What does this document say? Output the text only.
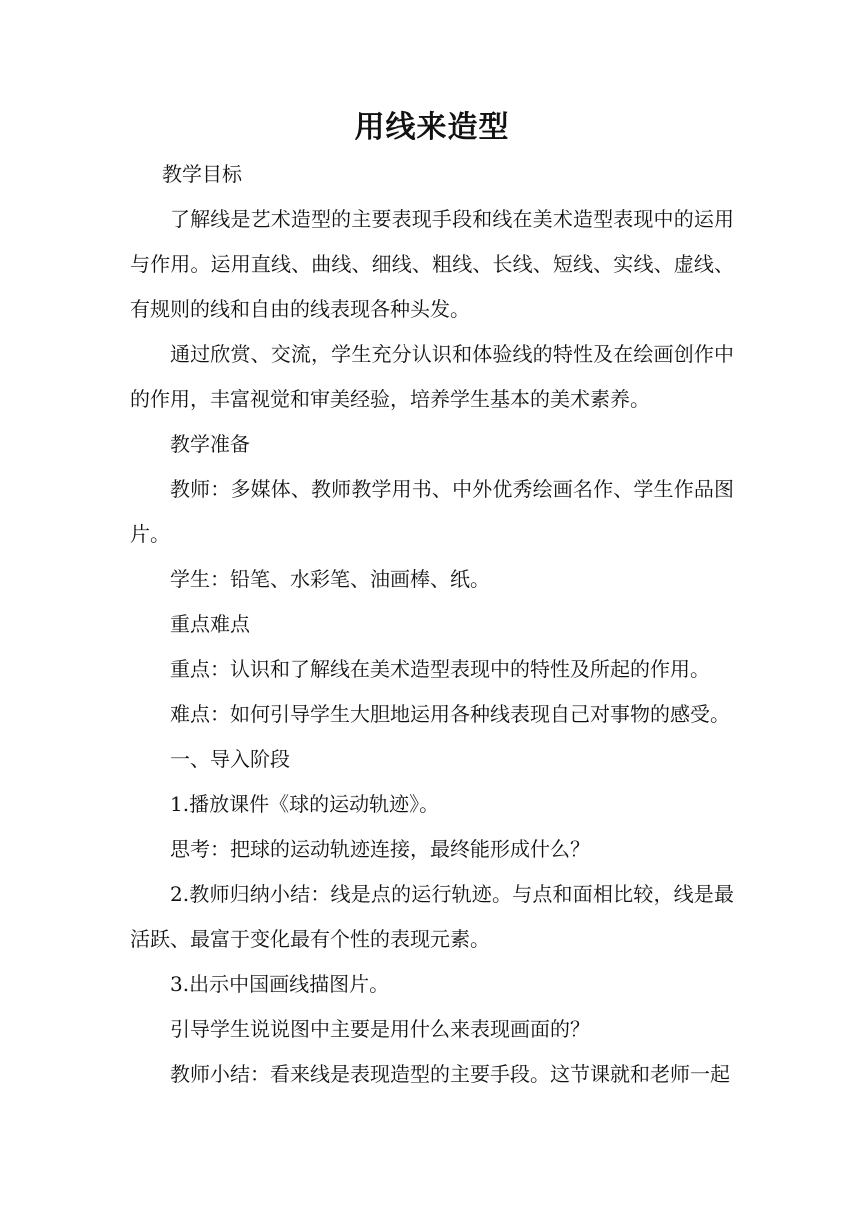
用线来造型

教学目标

了解线是艺术造型的主要表现手段和线在美术造型表现中的运用与作用。运用直线、曲线、细线、粗线、长线、短线、实线、虚线、有规则的线和自由的线表现各种头发。

通过欣赏、交流，学生充分认识和体验线的特性及在绘画创作中的作用，丰富视觉和审美经验，培养学生基本的美术素养。

教学准备

教师：多媒体、教师教学用书、中外优秀绘画名作、学生作品图片。

学生：铅笔、水彩笔、油画棒、纸。

重点难点

重点：认识和了解线在美术造型表现中的特性及所起的作用。

难点：如何引导学生大胆地运用各种线表现自己对事物的感受。

一、导入阶段

1.播放课件《球的运动轨迹》。

思考：把球的运动轨迹连接，最终能形成什么？

2.教师归纳小结：线是点的运行轨迹。与点和面相比较，线是最活跃、最富于变化最有个性的表现元素。

3.出示中国画线描图片。

引导学生说说图中主要是用什么来表现画面的？

教师小结：看来线是表现造型的主要手段。这节课就和老师一起
